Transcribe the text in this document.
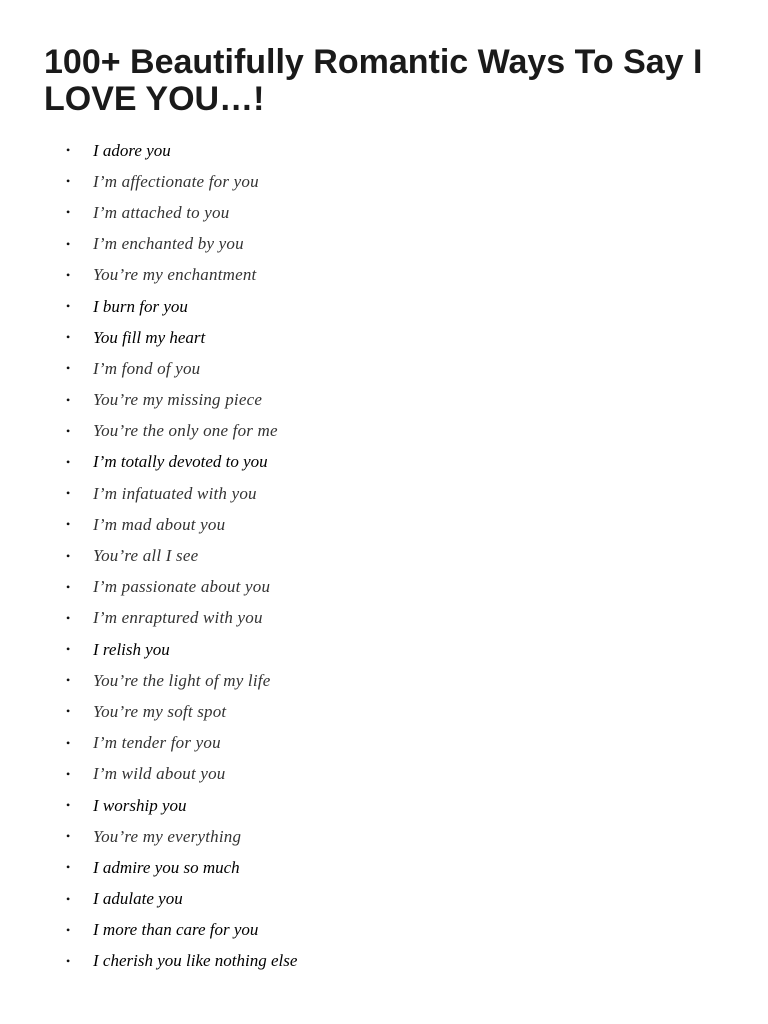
100+ Beautifully Romantic Ways To Say I LOVE YOU…!
• I adore you
• I’m affectionate for you
• I’m attached to you
• I’m enchanted by you
• You’re my enchantment
• I burn for you
• You fill my heart
• I’m fond of you
• You’re my missing piece
• You’re the only one for me
• I’m totally devoted to you
• I’m infatuated with you
• I’m mad about you
• You’re all I see
• I’m passionate about you
• I’m enraptured with you
• I relish you
• You’re the light of my life
• You’re my soft spot
• I’m tender for you
• I’m wild about you
• I worship you
• You’re my everything
• I admire you so much
• I adulate you
• I more than care for you
• I cherish you like nothing else
